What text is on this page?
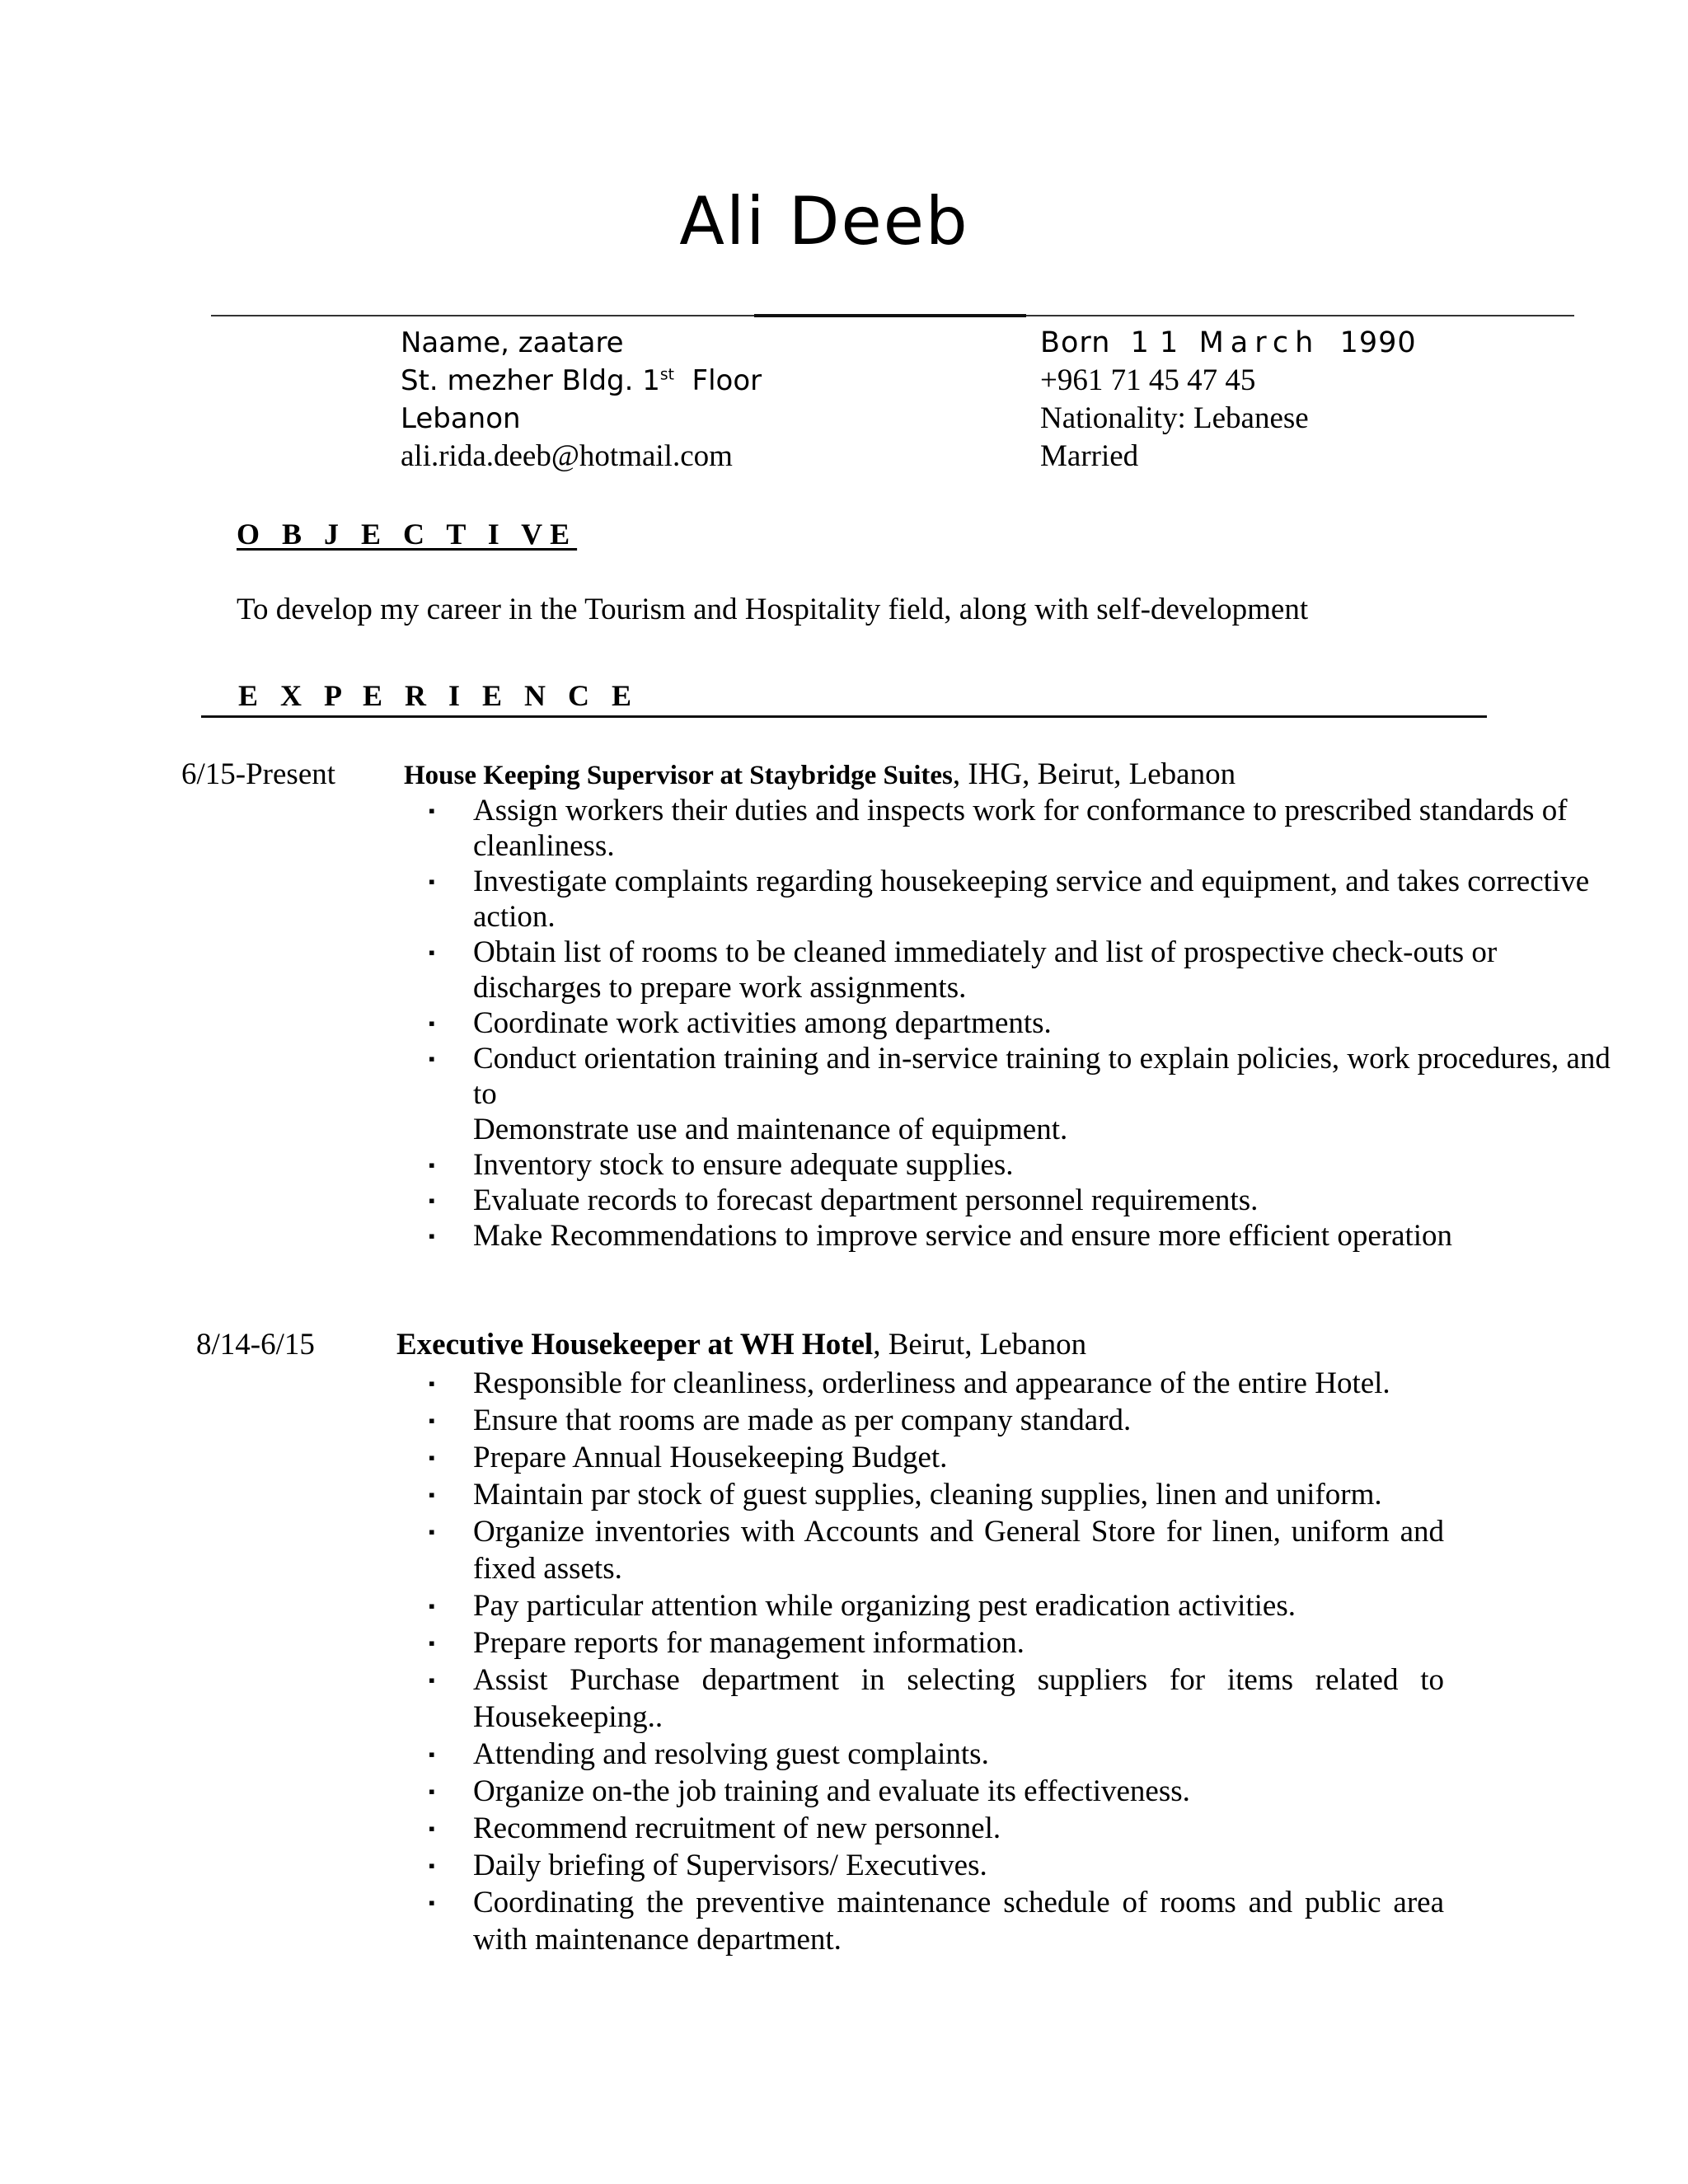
Ali Deeb
Naame, zaatare
St. mezher Bldg. 1st  Floor
Lebanon
ali.rida.deeb@hotmail.com
Born 1 1 March 1990
+961 71 45 47 45
Nationality: Lebanese
Married
O B J E C T I VE
To develop my career in the Tourism and Hospitality field, along with self-development
E X P E R I E N C E
6/15-Present	House Keeping Supervisor at Staybridge Suites, IHG, Beirut, Lebanon
▪ Assign workers their duties and inspects work for conformance to prescribed standards of cleanliness.
▪ Investigate complaints regarding housekeeping service and equipment, and takes corrective action.
▪ Obtain list of rooms to be cleaned immediately and list of prospective check-outs or discharges to prepare work assignments.
▪ Coordinate work activities among departments.
▪ Conduct orientation training and in-service training to explain policies, work procedures, and to
Demonstrate use and maintenance of equipment.
▪ Inventory stock to ensure adequate supplies.
▪ Evaluate records to forecast department personnel requirements.
▪ Make Recommendations to improve service and ensure more efficient operation
8/14-6/15	Executive Housekeeper at WH Hotel, Beirut, Lebanon
▪ Responsible for cleanliness, orderliness and appearance of the entire Hotel.
▪ Ensure that rooms are made as per company standard.
▪ Prepare Annual Housekeeping Budget.
▪ Maintain par stock of guest supplies, cleaning supplies, linen and uniform.
▪ Organize inventories with Accounts and General Store for linen, uniform and fixed assets.
▪ Pay particular attention while organizing pest eradication activities.
▪ Prepare reports for management information.
▪ Assist Purchase department in selecting suppliers for items related to Housekeeping..
▪ Attending and resolving guest complaints.
▪ Organize on-the job training and evaluate its effectiveness.
▪ Recommend recruitment of new personnel.
▪ Daily briefing of Supervisors/ Executives.
▪ Coordinating the preventive maintenance schedule of rooms and public area with maintenance department.
